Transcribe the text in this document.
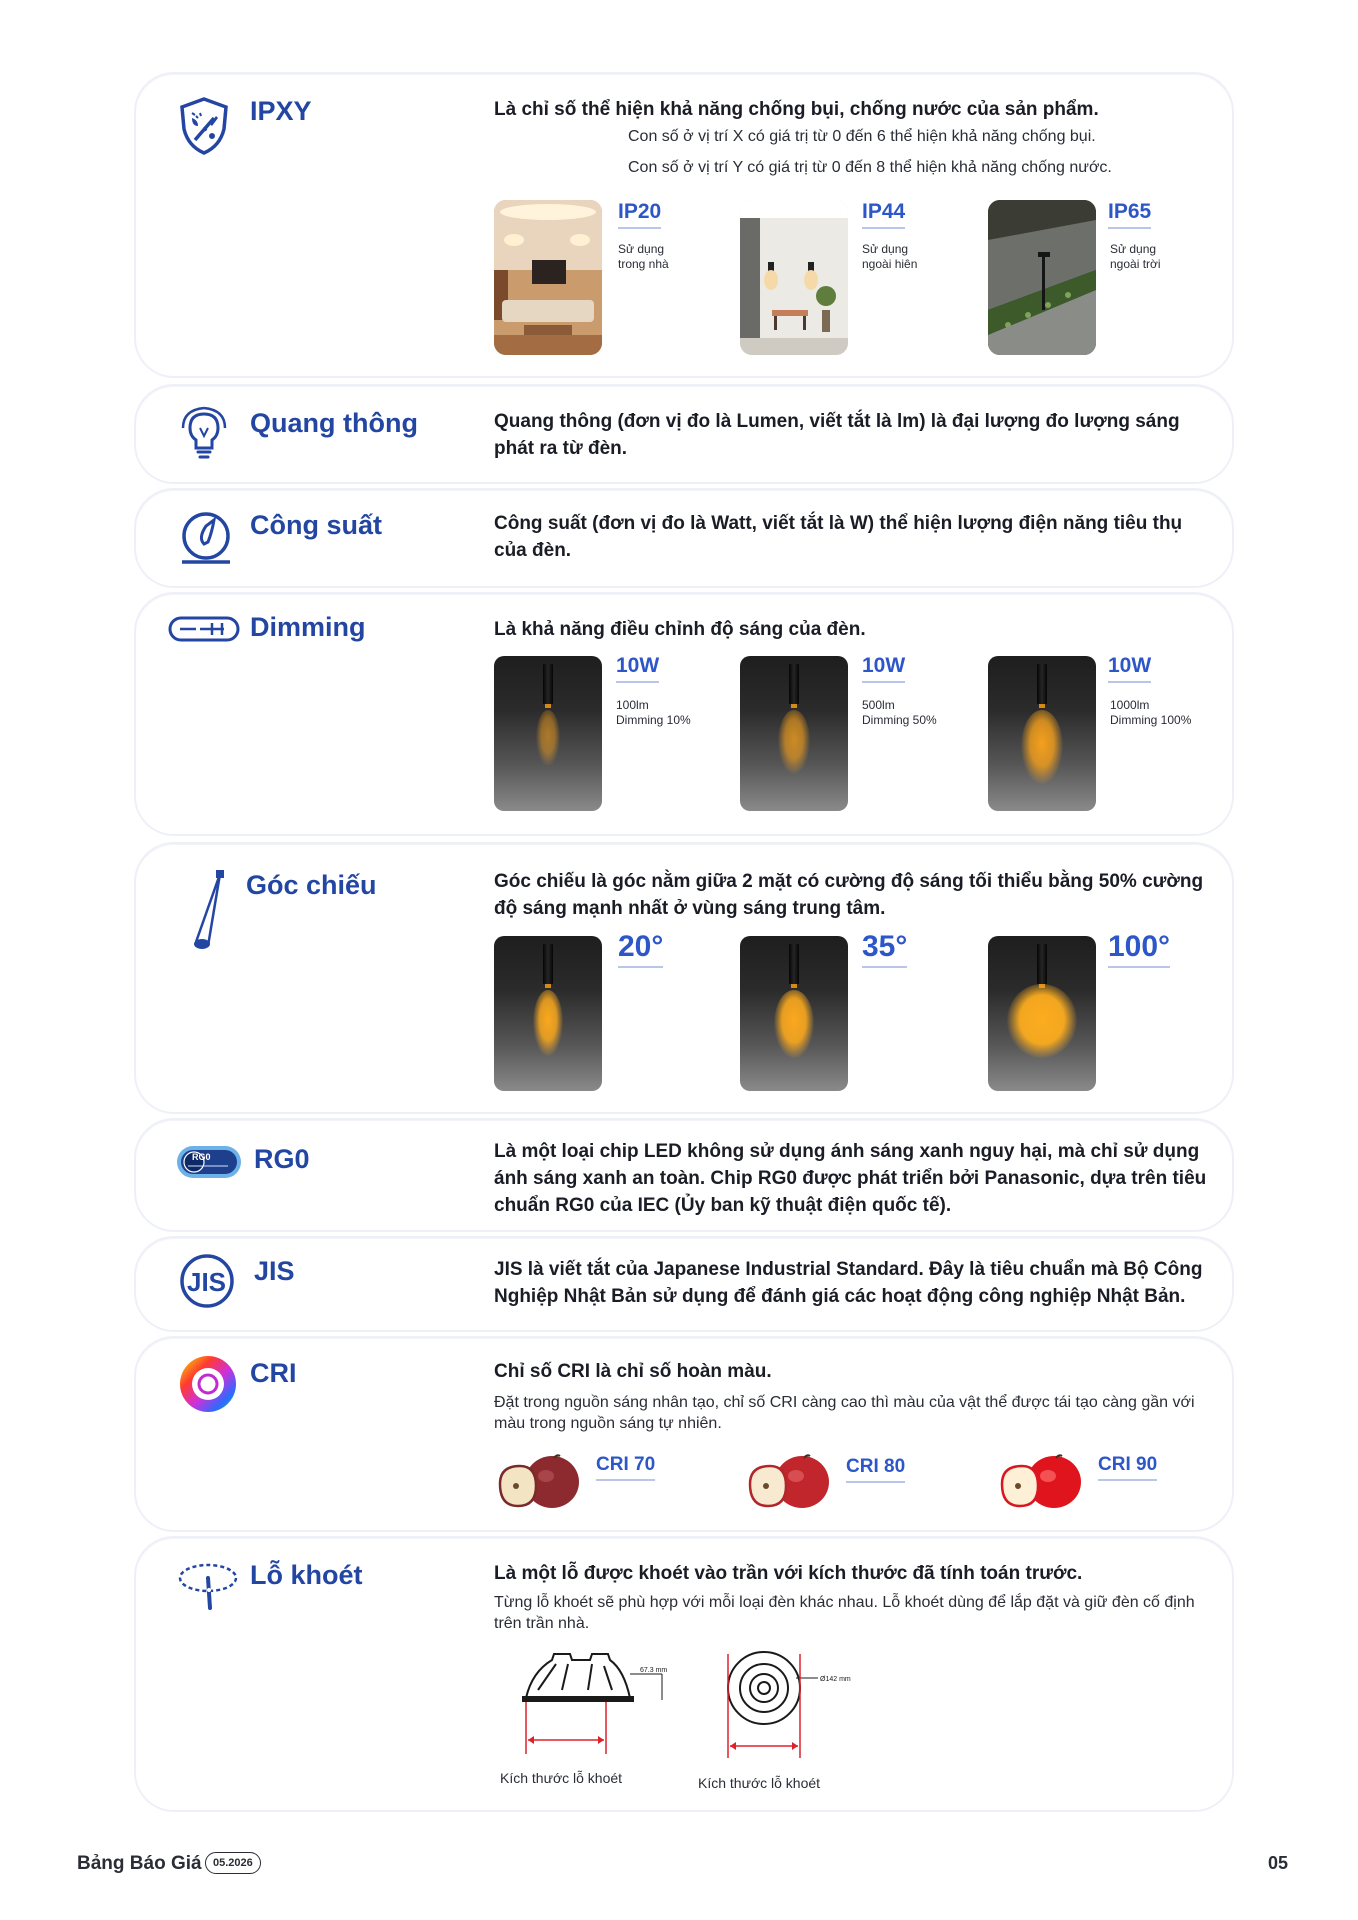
IPXY	Là chỉ số thể hiện khả năng chống bụi, chống nước của sản phẩm.
Con số ở vị trí X có giá trị từ 0 đến 6 thể hiện khả năng chống bụi.
Con số ở vị trí Y có giá trị từ 0 đến 8 thể hiện khả năng chống nước.
IP20
Sử dụng
trong nhà
IP44
Sử dụng
ngoài hiên
IP65
Sử dụng
ngoài trời
Quang thông	Quang thông (đơn vị đo là Lumen, viết tắt là lm) là đại lượng đo lượng sáng phát ra từ đèn.
Công suất	Công suất (đơn vị đo là Watt, viết tắt là W) thể hiện lượng điện năng tiêu thụ của đèn.
Dimming	Là khả năng điều chỉnh độ sáng của đèn.
10W
100lm
Dimming 10%
10W
500lm
Dimming 50%
10W
1000lm
Dimming 100%
Góc chiếu	Góc chiếu là góc nằm giữa 2 mặt có cường độ sáng tối thiểu bằng 50% cường độ sáng mạnh nhất ở vùng sáng trung tâm.
20°	35°	100°
RG0 RG0	Là một loại chip LED không sử dụng ánh sáng xanh nguy hại, mà chỉ sử dụng ánh sáng xanh an toàn. Chip RG0 được phát triển bởi Panasonic, dựa trên tiêu chuẩn RG0 của IEC (Ủy ban kỹ thuật điện quốc tế).
JIS JIS	JIS là viết tắt của Japanese Industrial Standard. Đây là tiêu chuẩn mà Bộ Công Nghiệp Nhật Bản sử dụng để đánh giá các hoạt động công nghiệp Nhật Bản.
CRI	Chỉ số CRI là chỉ số hoàn màu.
Đặt trong nguồn sáng nhân tạo, chỉ số CRI càng cao thì màu của vật thể được tái tạo càng gần với màu trong nguồn sáng tự nhiên.
CRI 70	CRI 80	CRI 90
Lỗ khoét	Là một lỗ được khoét vào trần với kích thước đã tính toán trước.
Từng lỗ khoét sẽ phù hợp với mỗi loại đèn khác nhau. Lỗ khoét dùng để lắp đặt và giữ đèn cố định trên trần nhà.
67.3 mm
Kích thước lỗ khoét
Ø142 mm
Kích thước lỗ khoét
Bảng Báo Giá	05.2026	05
